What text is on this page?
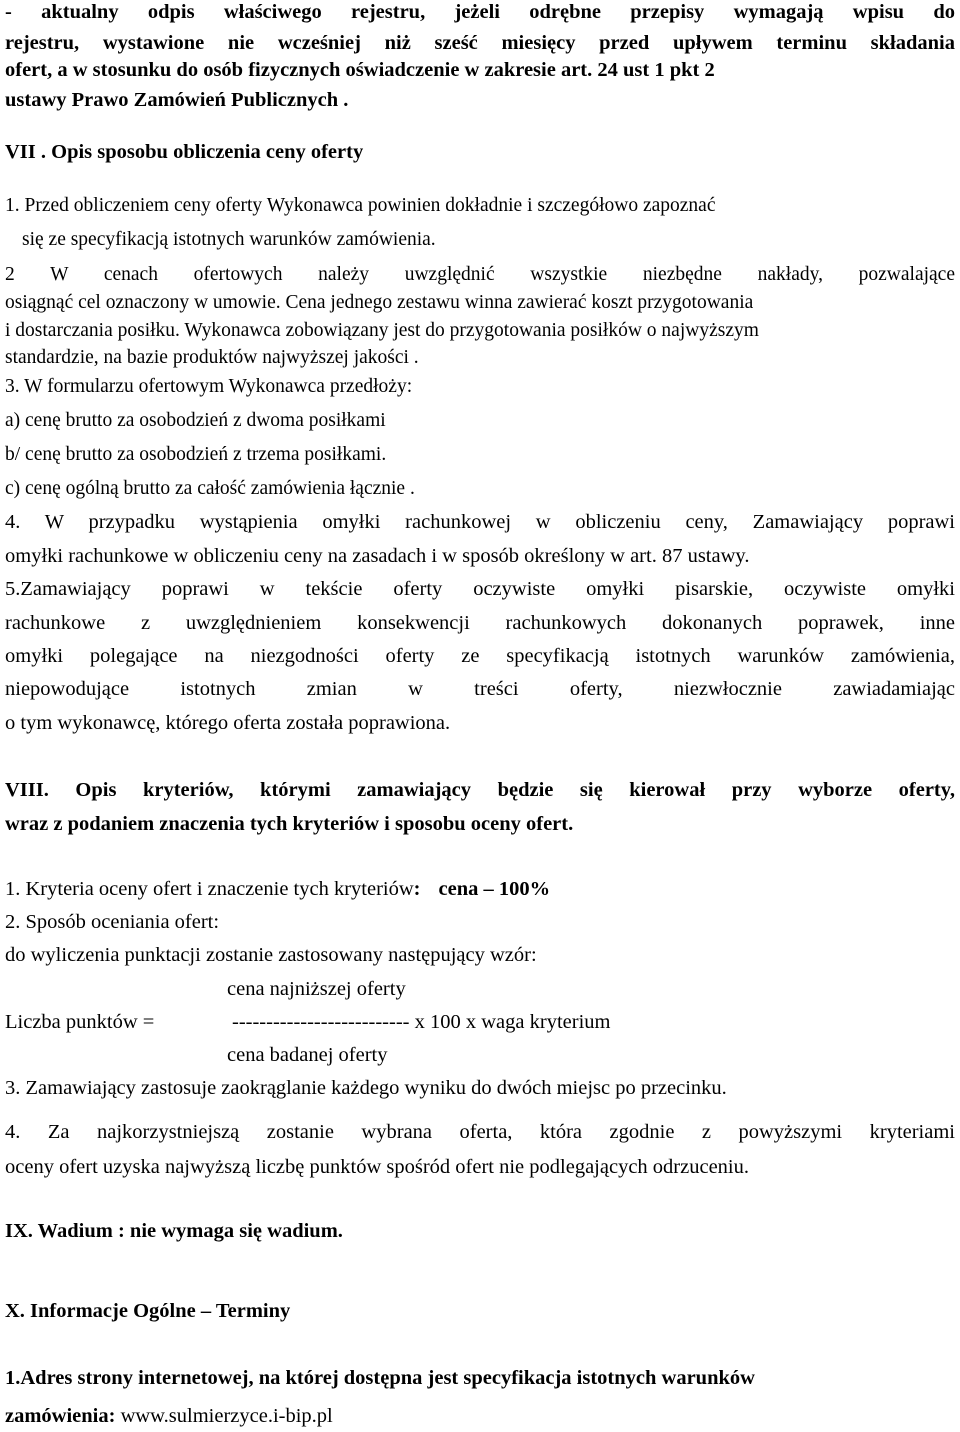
- aktualny odpis właściwego rejestru, jeżeli odrębne przepisy wymagają wpisu do

rejestru, wystawione nie wcześniej niż sześć miesięcy przed upływem terminu składania

ofert, a w stosunku do osób fizycznych oświadczenie w zakresie art. 24 ust 1 pkt 2

ustawy Prawo Zamówień Publicznych .

VII . Opis sposobu obliczenia ceny oferty

1. Przed obliczeniem ceny oferty Wykonawca powinien dokładnie i szczegółowo zapoznać

się ze specyfikacją istotnych warunków zamówienia.

2 W cenach ofertowych należy uwzględnić wszystkie niezbędne nakłady, pozwalające

osiągnąć cel oznaczony w umowie. Cena jednego zestawu winna zawierać koszt przygotowania

i dostarczania posiłku. Wykonawca zobowiązany jest do przygotowania posiłków o najwyższym

standardzie, na bazie produktów najwyższej jakości .

3. W formularzu ofertowym Wykonawca przedłoży:

a) cenę brutto za osobodzień z dwoma posiłkami

b/ cenę brutto za osobodzień z trzema posiłkami.

c) cenę ogólną brutto za całość zamówienia łącznie .

4. W przypadku wystąpienia omyłki rachunkowej w obliczeniu ceny, Zamawiający poprawi

omyłki rachunkowe w obliczeniu ceny na zasadach i w sposób określony w art. 87 ustawy.

5.Zamawiający poprawi w tekście oferty oczywiste omyłki pisarskie, oczywiste omyłki

rachunkowe z uwzględnieniem konsekwencji rachunkowych dokonanych poprawek, inne

omyłki polegające na niezgodności oferty ze specyfikacją istotnych warunków zamówienia,

niepowodujące istotnych zmian w treści oferty, niezwłocznie zawiadamiając

o tym wykonawcę, którego oferta została poprawiona.

VIII. Opis kryteriów, którymi zamawiający będzie się kierował przy wyborze oferty,

wraz z podaniem znaczenia tych kryteriów i sposobu oceny ofert.

1. Kryteria oceny ofert i znaczenie tych kryteriów: cena – 100%

2. Sposób oceniania ofert:

do wyliczenia punktacji zostanie zastosowany następujący wzór:

cena najniższej oferty

Liczba punktów =	-------------------------- x 100 x waga kryterium

cena badanej oferty

3. Zamawiający zastosuje zaokrąglanie każdego wyniku do dwóch miejsc po przecinku.

4. Za najkorzystniejszą zostanie wybrana oferta, która zgodnie z powyższymi kryteriami

oceny ofert uzyska najwyższą liczbę punktów spośród ofert nie podlegających odrzuceniu.

IX. Wadium : nie wymaga się wadium.

X. Informacje Ogólne – Terminy

1.Adres strony internetowej, na której dostępna jest specyfikacja istotnych warunków

zamówienia: www.sulmierzyce.i-bip.pl
